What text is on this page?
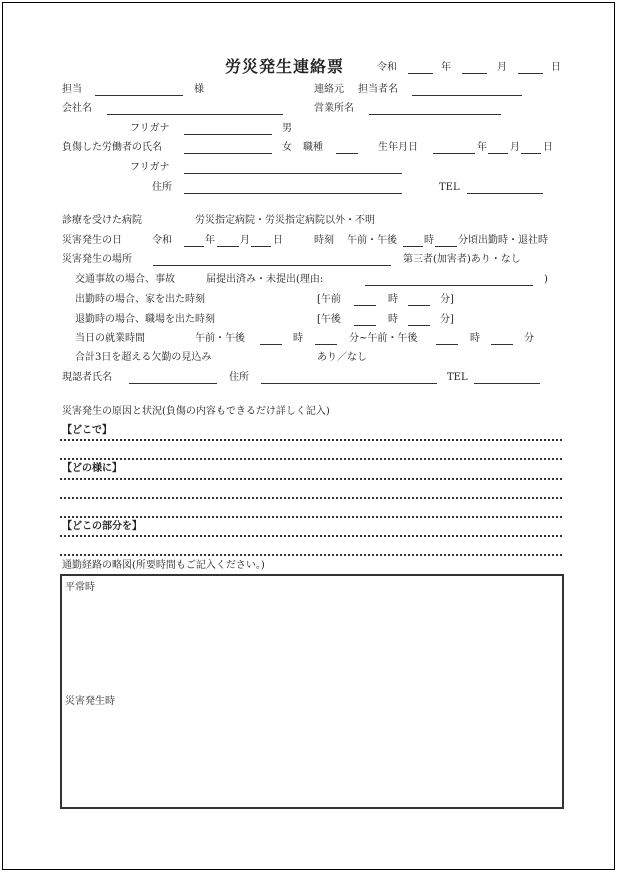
労災発生連絡票	令和	年	月	日
担当	様	連絡元 担当者名
会社名	営業所名
フリガナ	男
負傷した労働者の氏名	女 職種	生年月日	年 月 日
フリガナ
住所	TEL
診療を受けた病院	労災指定病院・労災指定病院以外・不明
災害発生の日	令和	年	月 日	時刻 午前・午後	時 分頃出勤時・退社時
災害発生の場所	第三者(加害者)あり・なし
交通事故の場合、事故	届提出済み・未提出(理由:	)
出勤時の場合、家を出た時刻	[午前	時	分]
退勤時の場合、職場を出た時刻	[午後	時	分]
当日の就業時間	午前・午後	時	分~午前・午後	時	分
合計3日を超える欠勤の見込み	あり／なし
現認者氏名	住所	TEL
災害発生の原因と状況(負傷の内容もできるだけ詳しく記入)
【どこで】
【どの様に】
【どこの部分を】
通勤経路の略図(所要時間もご記入ください。)
平常時
災害発生時
